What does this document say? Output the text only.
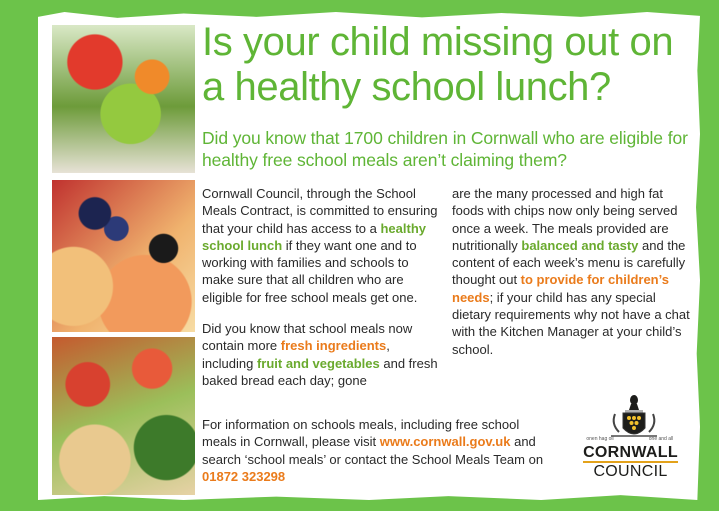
Is your child missing out on a healthy school lunch?

Did you know that 1700 children in Cornwall who are eligible for healthy free school meals aren’t claiming them?

Cornwall Council, through the School Meals Contract, is committed to ensuring that your child has access to a healthy school lunch if they want one and to working with families and schools to make sure that all children who are eligible for free school meals get one.

Did you know that school meals now contain more fresh ingredients, including fruit and vegetables and fresh baked bread each day; gone

are the many processed and high fat foods with chips now only being served once a week. The meals provided are nutritionally balanced and tasty and the content of each week’s menu is carefully thought out to provide for children’s needs; if your child has any special dietary requirements why not have a chat with the Kitchen Manager at your child’s school.

For information on schools meals, including free school meals in Cornwall, please visit www.cornwall.gov.uk and search ‘school meals’ or contact the School Meals Team on 01872 323298
onen hag oll	one and all
CORNWALL
COUNCIL
